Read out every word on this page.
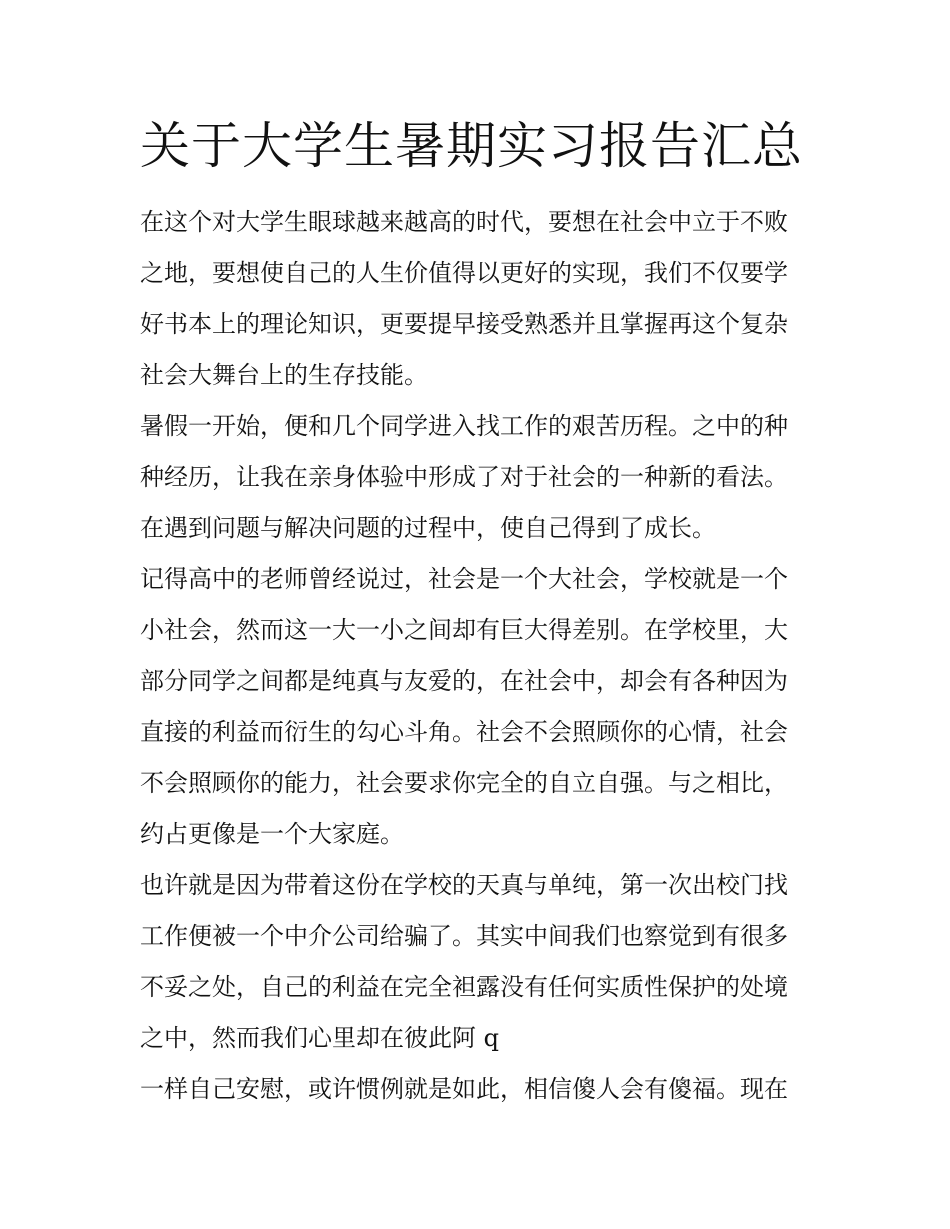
关于大学生暑期实习报告汇总
在这个对大学生眼球越来越高的时代，要想在社会中立于不败
之地，要想使自己的人生价值得以更好的实现，我们不仅要学
好书本上的理论知识，更要提早接受熟悉并且掌握再这个复杂
社会大舞台上的生存技能。
暑假一开始，便和几个同学进入找工作的艰苦历程。之中的种
种经历，让我在亲身体验中形成了对于社会的一种新的看法。
在遇到问题与解决问题的过程中，使自己得到了成长。
记得高中的老师曾经说过，社会是一个大社会，学校就是一个
小社会，然而这一大一小之间却有巨大得差别。在学校里，大
部分同学之间都是纯真与友爱的，在社会中，却会有各种因为
直接的利益而衍生的勾心斗角。社会不会照顾你的心情，社会
不会照顾你的能力，社会要求你完全的自立自强。与之相比，
约占更像是一个大家庭。
也许就是因为带着这份在学校的天真与单纯，第一次出校门找
工作便被一个中介公司给骗了。其实中间我们也察觉到有很多
不妥之处，自己的利益在完全袒露没有任何实质性保护的处境
之中，然而我们心里却在彼此阿 q
一样自己安慰，或许惯例就是如此，相信傻人会有傻福。现在
